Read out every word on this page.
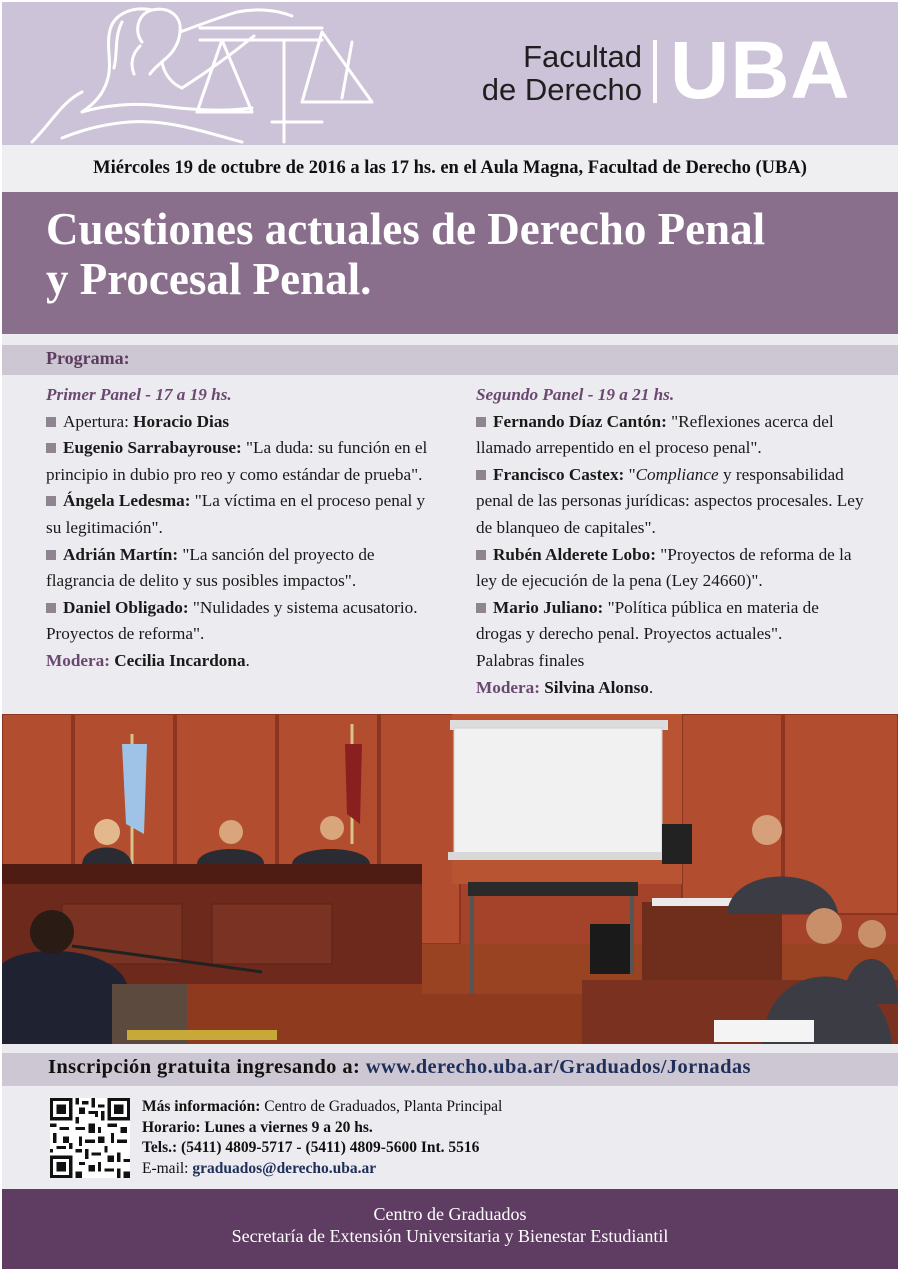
Facultad
de Derecho UBA
Miércoles 19 de octubre de 2016 a las 17 hs. en el Aula Magna, Facultad de Derecho (UBA)
Cuestiones actuales de Derecho Penal
y Procesal Penal.
Programa:
Primer Panel - 17 a 19 hs.

Apertura: Horacio Dias

Eugenio Sarrabayrouse: "La duda: su función en el principio in dubio pro reo y como estándar de prueba".

Ángela Ledesma: "La víctima en el proceso penal y su legitimación".

Adrián Martín: "La sanción del proyecto de flagrancia de delito y sus posibles impactos".

Daniel Obligado: "Nulidades y sistema acusatorio. Proyectos de reforma".

Modera: Cecilia Incardona.

Segundo Panel - 19 a 21 hs.

Fernando Díaz Cantón: "Reflexiones acerca del llamado arrepentido en el proceso penal".

Francisco Castex: "Compliance y responsabilidad penal de las personas jurídicas: aspectos procesales. Ley de blanqueo de capitales".

Rubén Alderete Lobo: "Proyectos de reforma de la ley de ejecución de la pena (Ley 24660)".

Mario Juliano: "Política pública en materia de drogas y derecho penal. Proyectos actuales".

Palabras finales

Modera: Silvina Alonso.

Inscripción gratuita ingresando a: www.derecho.uba.ar/Graduados/Jornadas
Más información: Centro de Graduados, Planta Principal
Horario: Lunes a viernes 9 a 20 hs.
Tels.: (5411) 4809-5717 - (5411) 4809-5600 Int. 5516
E-mail: graduados@derecho.uba.ar
Centro de Graduados
Secretaría de Extensión Universitaria y Bienestar Estudiantil
